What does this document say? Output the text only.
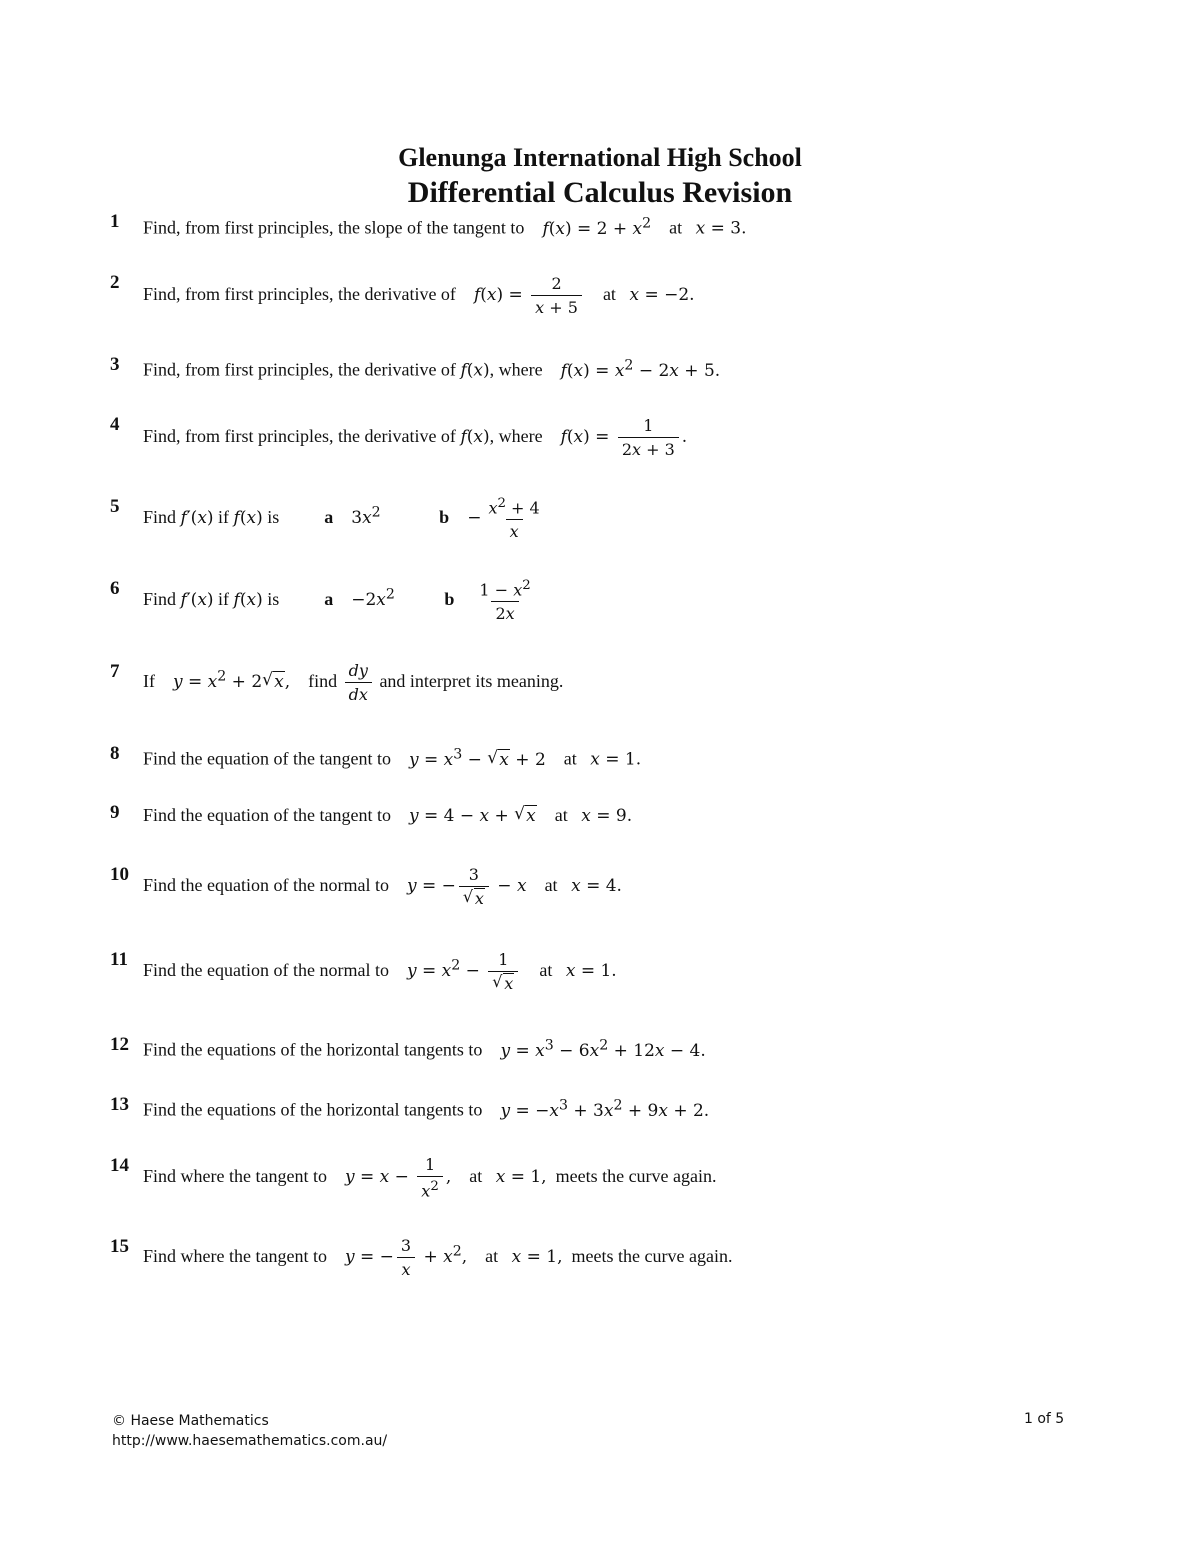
Glenunga International High School
Differential Calculus Revision
1 Find, from first principles, the slope of the tangent to $f(x) = 2 + x^2$ at x = 3.
2
Find, from first principles, the derivative of $f(x) = \frac{2}{x + 5}$ at x = −2.
3 Find, from first principles, the derivative of f(x), where $f(x) = x^2 - 2x + 5$.
4
Find, from first principles, the derivative of f(x), where $f(x) = \frac{1}{2x + 3}$ .
5
Find f′(x) if f(x) is	a $3x^2$	$b - \frac{x^2 + 4}{x}$
6
Find f′(x) if f(x) is	$a -2x^2$	b $\frac{1 - x^2}{2x}$
7 If $y = x^2 + 2√$ x, find $\frac{dy}{dx}$ and interpret its meaning.
8 Find the equation of the tangent to $y = x^3$ − √ x + 2 at x = 1.
9 Find the equation of the tangent to y = 4 − x + √ x at x = 9.
10 Find the equation of the normal to y = − 3
√ x − x at x = 4.
11 Find the equation of the normal to $y = x^2 - 1$
√ x at x = 1.
12 Find the equations of the horizontal tangents to $y = x^3 - 6x^2 + 12x - 4$.
13 Find the equations of the horizontal tangents to $y = -x^3 + 3x^2 + 9x + 2$.
14
Find where the tangent to $y = x - \frac{1}{x^2}$ , at x = 1, meets the curve again.
15 Find where the tangent to y = − $\frac{3}{x} + x^2$, at x = 1, meets the curve again.
© Haese Mathematics
http://www.haesemathematics.com.au/
1 of 5
